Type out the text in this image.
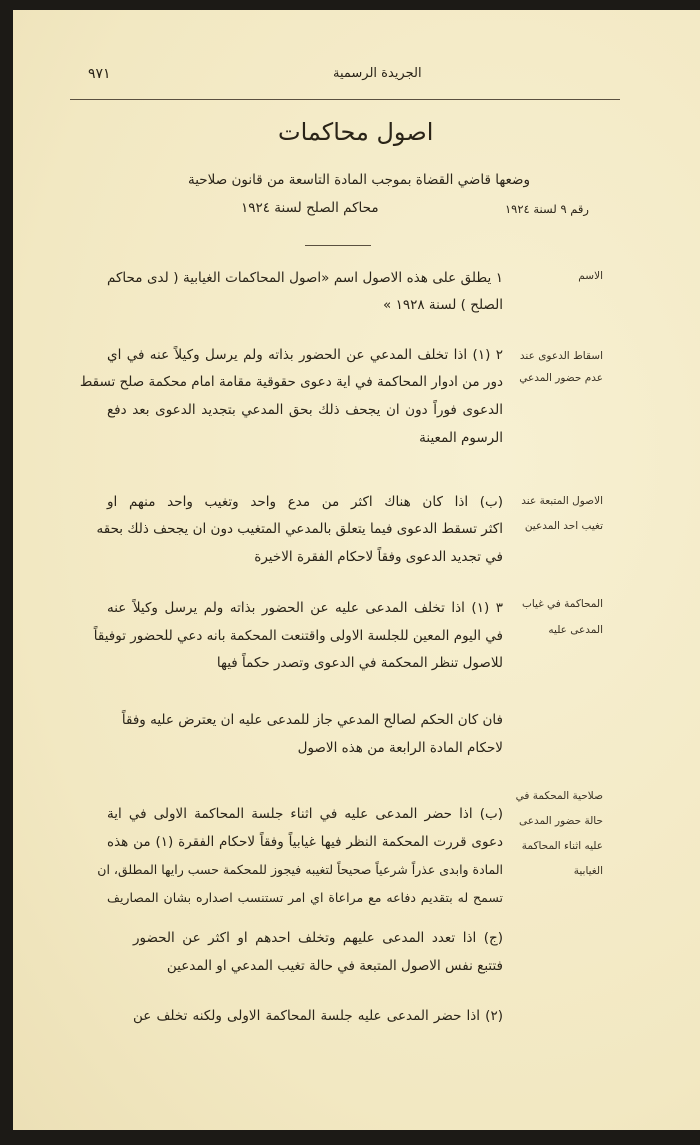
٩٧١	الجريدة الرسمية
اصول محاكمات
وضعها قاضي القضاة بموجب المادة التاسعة من قانون صلاحية
محاكم الصلح لسنة ١٩٢٤	رقم ٩ لسنة ١٩٢٤
الاسم
١ يطلق على هذه الاصول اسم «اصول المحاكمات الغيابية ( لدى محاكم
الصلح ) لسنة ١٩٢٨ »
اسقاط الدعوى عند
عدم حضور المدعي
٢ (١) اذا تخلف المدعي عن الحضور بذاته ولم يرسل وكيلاً عنه في اي
دور من ادوار المحاكمة في اية دعوى حقوقية مقامة امام محكمة صلح تسقط
الدعوى فوراً دون ان يجحف ذلك بحق المدعي بتجديد الدعوى بعد دفع
الرسوم المعينة
الاصول المتبعة عند
تغيب احد المدعين
(ب) اذا كان هناك اكثر من مدع واحد وتغيب واحد منهم او
اكثر تسقط الدعوى فيما يتعلق بالمدعي المتغيب دون ان يجحف ذلك بحقه
في تجديد الدعوى وفقاً لاحكام الفقرة الاخيرة
المحاكمة في غياب
المدعى عليه
٣ (١) اذا تخلف المدعى عليه عن الحضور بذاته ولم يرسل وكيلاً عنه
في اليوم المعين للجلسة الاولى واقتنعت المحكمة بانه دعي للحضور توفيقاً
للاصول تنظر المحكمة في الدعوى وتصدر حكماً فيها
فان كان الحكم لصالح المدعي جاز للمدعى عليه ان يعترض عليه وفقاً
لاحكام المادة الرابعة من هذه الاصول
صلاحية المحكمة في
حالة حضور المدعى
عليه اثناء المحاكمة
الغيابية
(ب) اذا حضر المدعى عليه في اثناء جلسة المحاكمة الاولى في اية
دعوى قررت المحكمة النظر فيها غيابياً وفقاً لاحكام الفقرة (١) من هذه
المادة وابدى عذراً شرعياً صحيحاً لتغيبه فيجوز للمحكمة حسب رايها المطلق، ان
تسمح له بتقديم دفاعه مع مراعاة اي امر تستنسب اصداره بشان المصاريف
(ج) اذا تعدد المدعى عليهم وتخلف احدهم او اكثر عن الحضور
فتتبع نفس الاصول المتبعة في حالة تغيب المدعي او المدعين
(٢) اذا حضر المدعى عليه جلسة المحاكمة الاولى ولكنه تخلف عن
